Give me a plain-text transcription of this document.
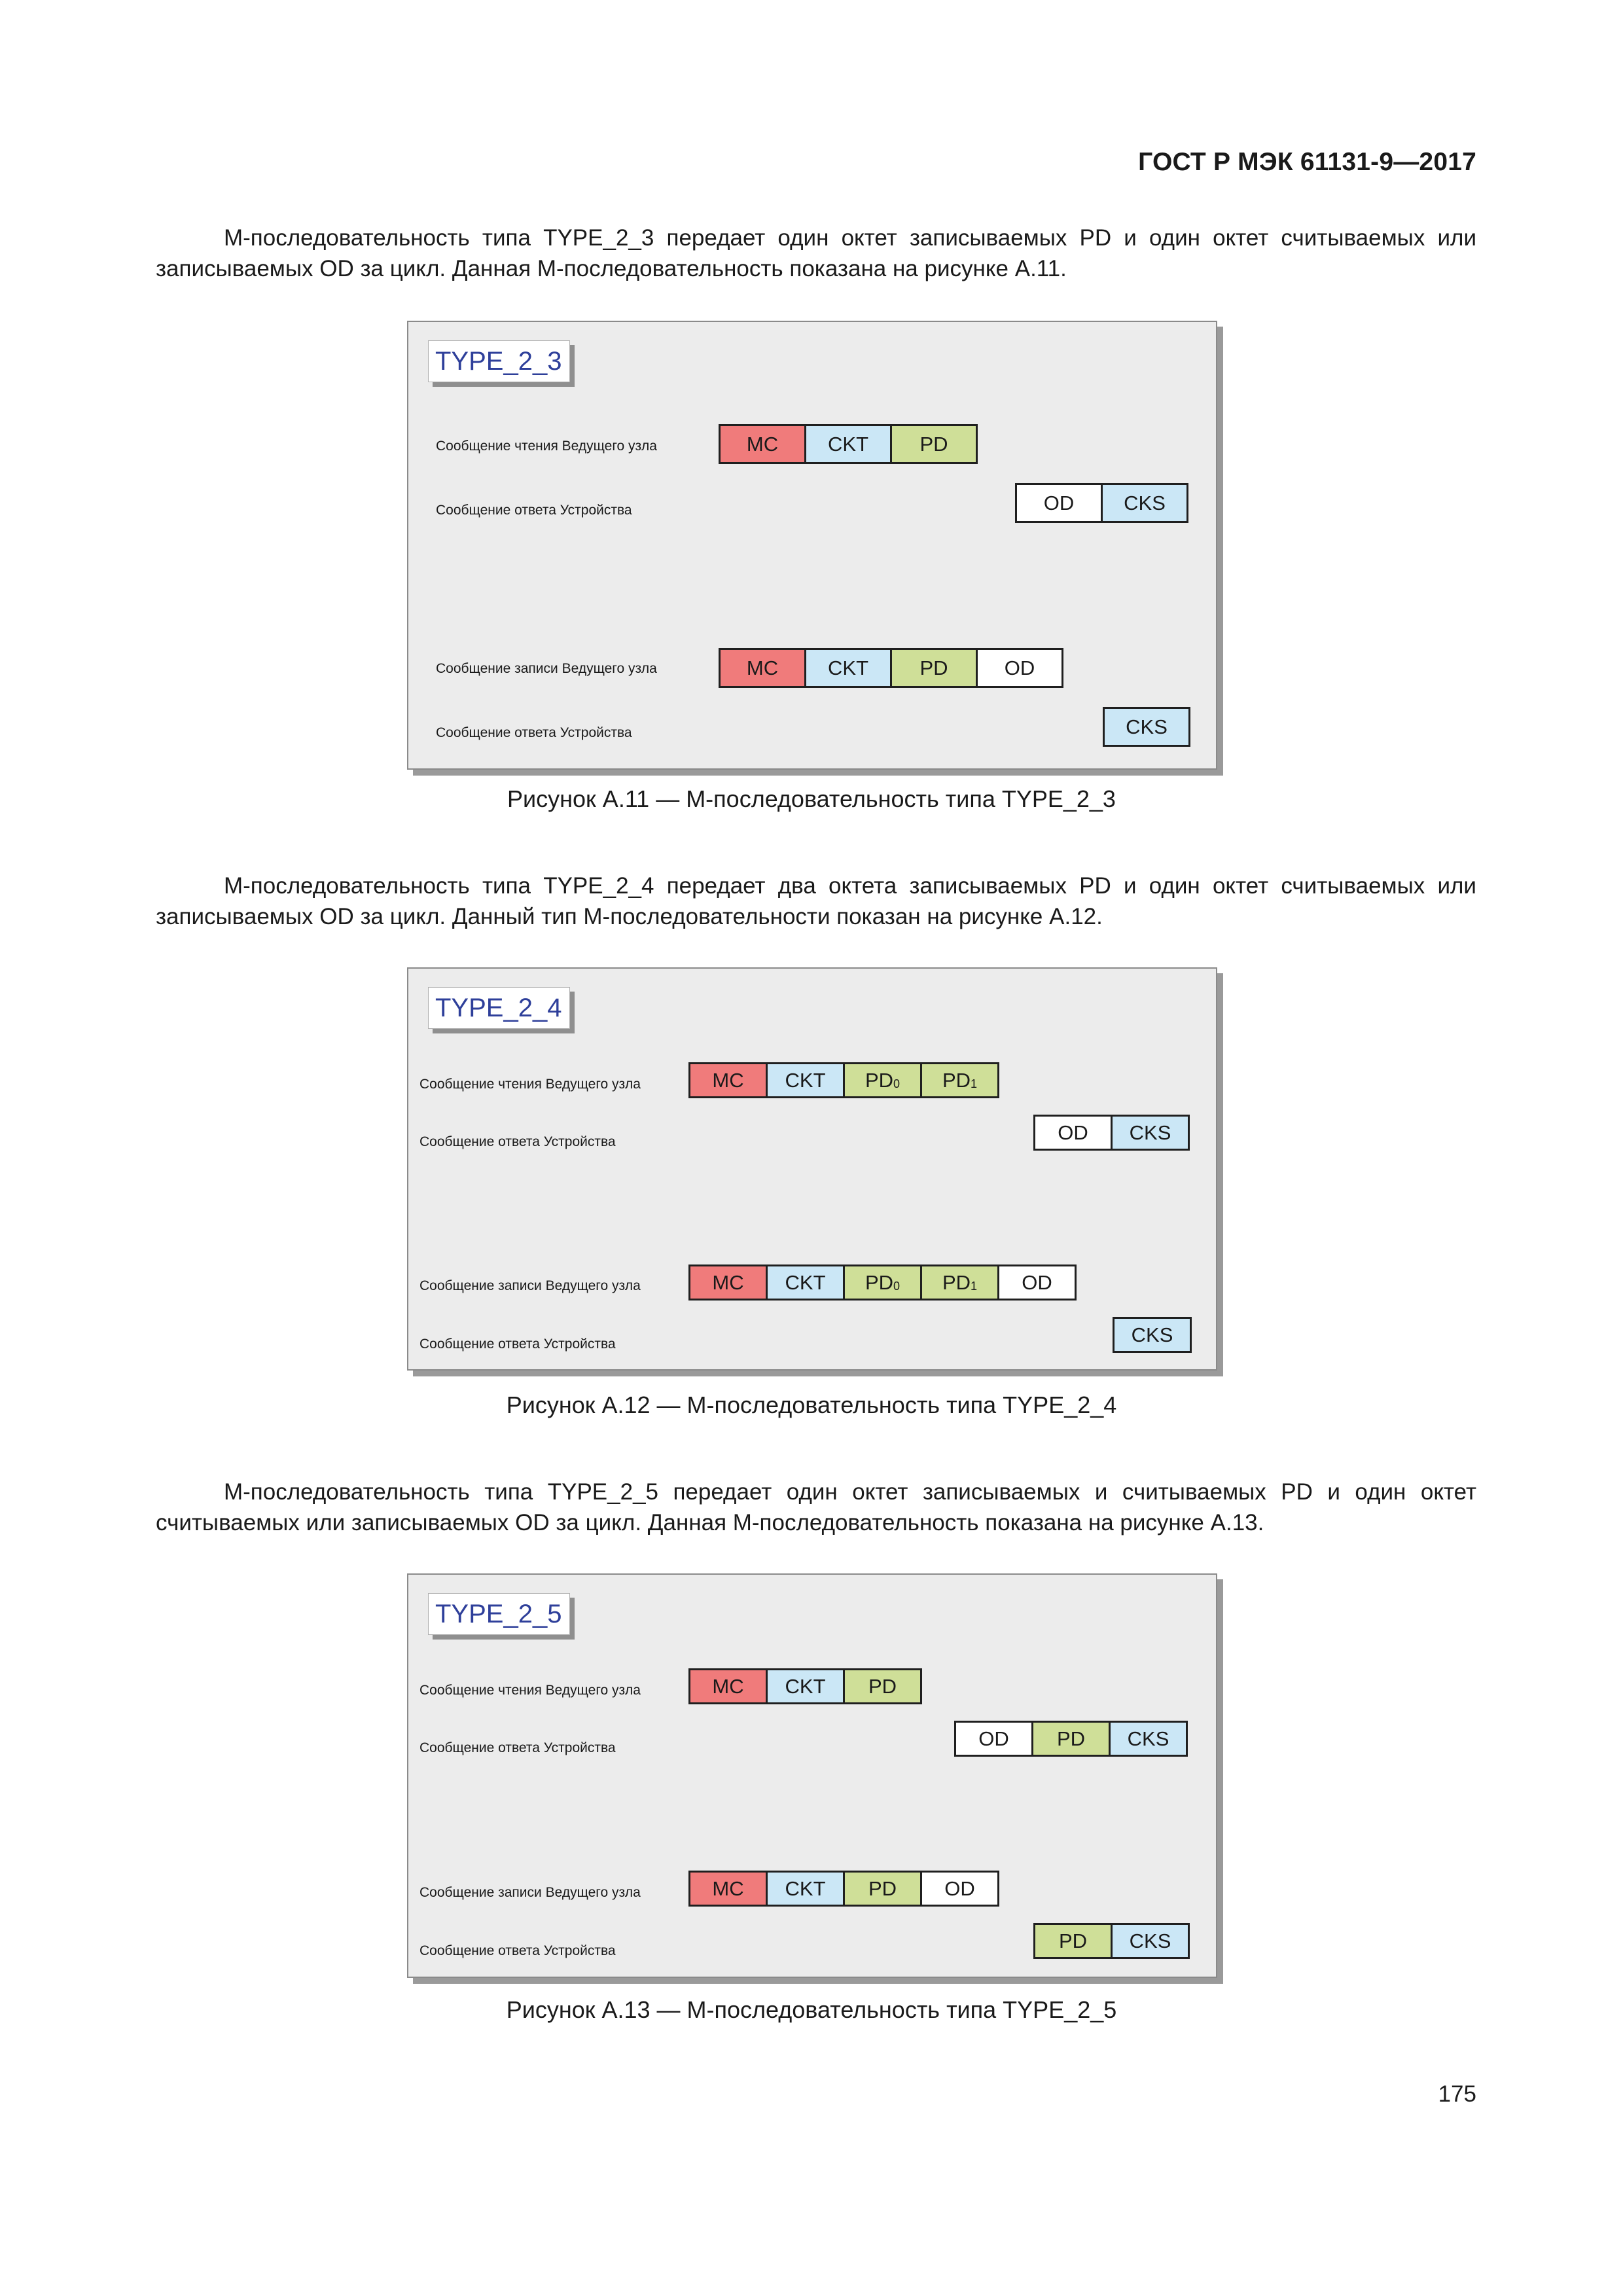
ГОСТ Р МЭК 61131-9—2017
M-последовательность типа TYPE_2_3 передает один октет записываемых PD и один октет считываемых или записываемых OD за цикл. Данная M-последовательность показана на рисунке A.11.
TYPE_2_3
Сообщение чтения Ведущего узла
Сообщение ответа Устройства
Сообщение записи Ведущего узла
Сообщение ответа Устройства
MC CKT	PD
OD CKS
MC CKT	PD	OD
CKS
Рисунок A.11 — M-последовательность типа TYPE_2_3
M-последовательность типа TYPE_2_4 передает два октета записываемых PD и один октет считываемых или записываемых OD за цикл. Данный тип M-последовательности показан на рисунке A.12.
TYPE_2_4
Сообщение чтения Ведущего узла
Сообщение ответа Устройства
Сообщение записи Ведущего узла
Сообщение ответа Устройства
MC CKT $PD_0$ $PD_1$
OD CKS
MC CKT $PD_0$ $PD_1$ OD
CKS
Рисунок A.12 — M-последовательность типа TYPE_2_4
M-последовательность типа TYPE_2_5 передает один октет записываемых и считываемых PD и один октет считываемых или записываемых OD за цикл. Данная M-последовательность показана на рисунке A.13.
TYPE_2_5
Сообщение чтения Ведущего узла
Сообщение ответа Устройства
Сообщение записи Ведущего узла
Сообщение ответа Устройства
MC CKT PD
OD PD CKS
MC CKT PD OD
PD CKS
Рисунок A.13 — M-последовательность типа TYPE_2_5
175
